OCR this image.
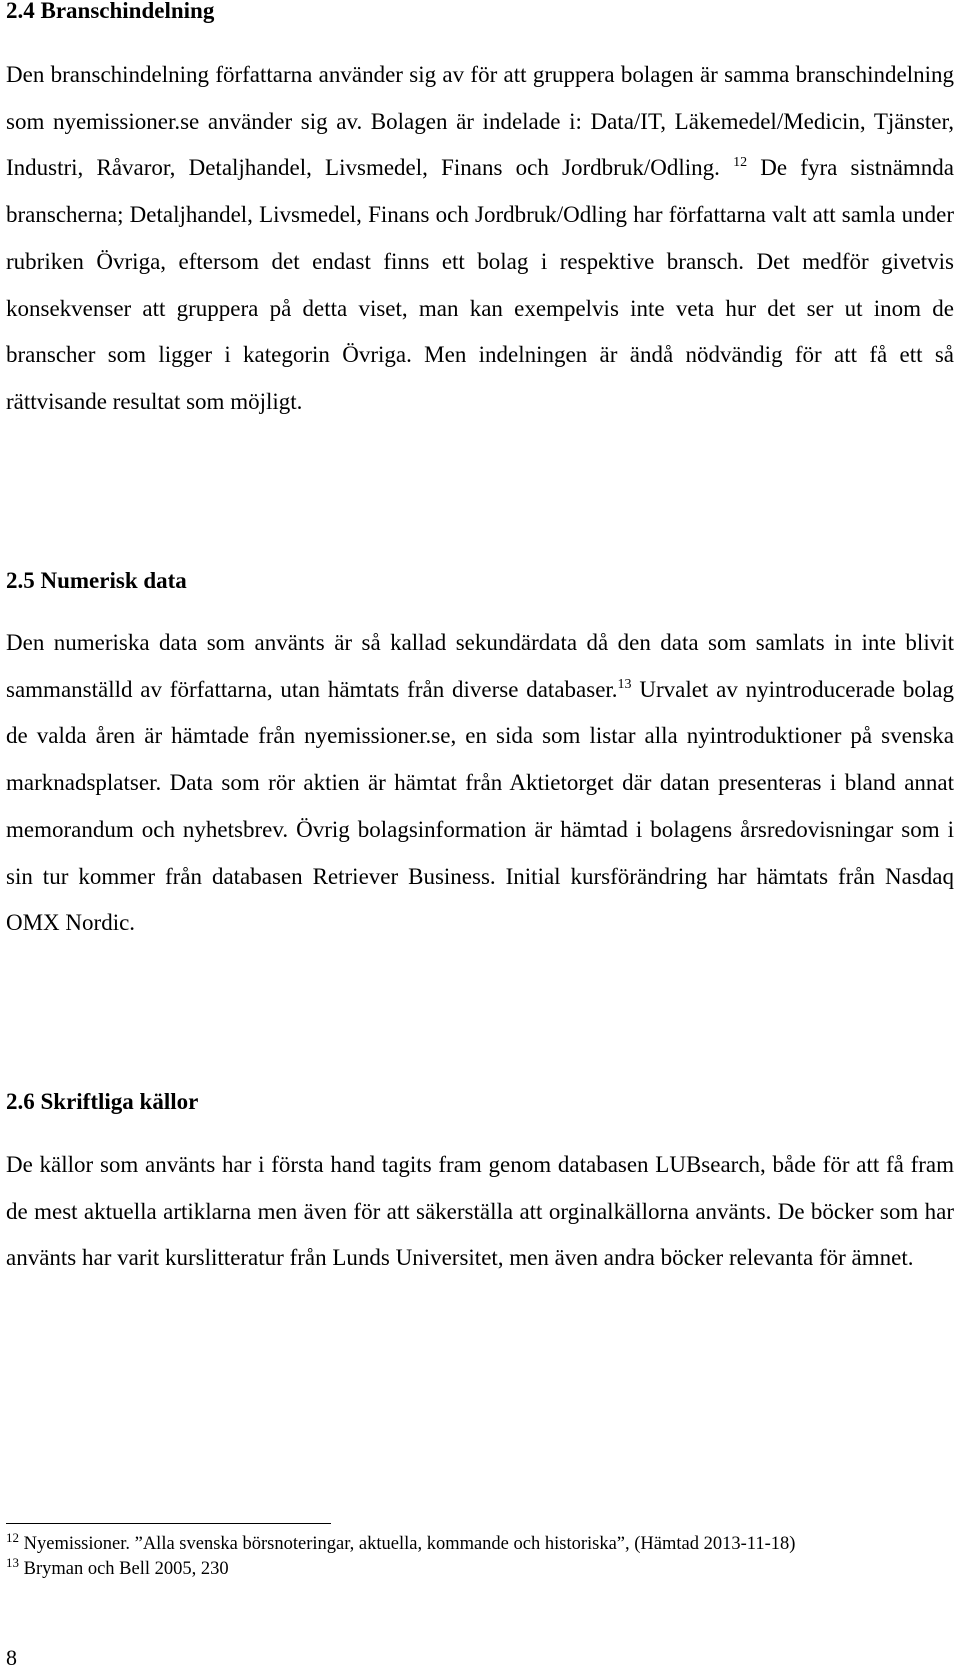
2.4 Branschindelning

Den branschindelning författarna använder sig av för att gruppera bolagen är samma branschindelning som nyemissioner.se använder sig av. Bolagen är indelade i: Data/IT, Läkemedel/Medicin, Tjänster, Industri, Råvaror, Detaljhandel, Livsmedel, Finans och Jordbruk/Odling. $^{12}$ De fyra sistnämnda branscherna; Detaljhandel, Livsmedel, Finans och Jordbruk/Odling har författarna valt att samla under rubriken Övriga, eftersom det endast finns ett bolag i respektive bransch. Det medför givetvis konsekvenser att gruppera på detta viset, man kan exempelvis inte veta hur det ser ut inom de branscher som ligger i kategorin Övriga. Men indelningen är ändå nödvändig för att få ett så rättvisande resultat som möjligt.

2.5 Numerisk data

Den numeriska data som använts är så kallad sekundärdata då den data som samlats in inte blivit sammanställd av författarna, utan hämtats från diverse databaser.$^{13}$ Urvalet av nyintroducerade bolag de valda åren är hämtade från nyemissioner.se, en sida som listar alla nyintroduktioner på svenska marknadsplatser. Data som rör aktien är hämtat från Aktietorget där datan presenteras i bland annat memorandum och nyhetsbrev. Övrig bolagsinformation är hämtad i bolagens årsredovisningar som i sin tur kommer från databasen Retriever Business. Initial kursförändring har hämtats från Nasdaq OMX Nordic.

2.6 Skriftliga källor

De källor som använts har i första hand tagits fram genom databasen LUBsearch, både för att få fram de mest aktuella artiklarna men även för att säkerställa att orginalkällorna använts. De böcker som har använts har varit kurslitteratur från Lunds Universitet, men även andra böcker relevanta för ämnet.

$^{12}$ Nyemissioner. ”Alla svenska börsnoteringar, aktuella, kommande och historiska”, (Hämtad 2013-11-18)

$^{13}$ Bryman och Bell 2005, 230

8
